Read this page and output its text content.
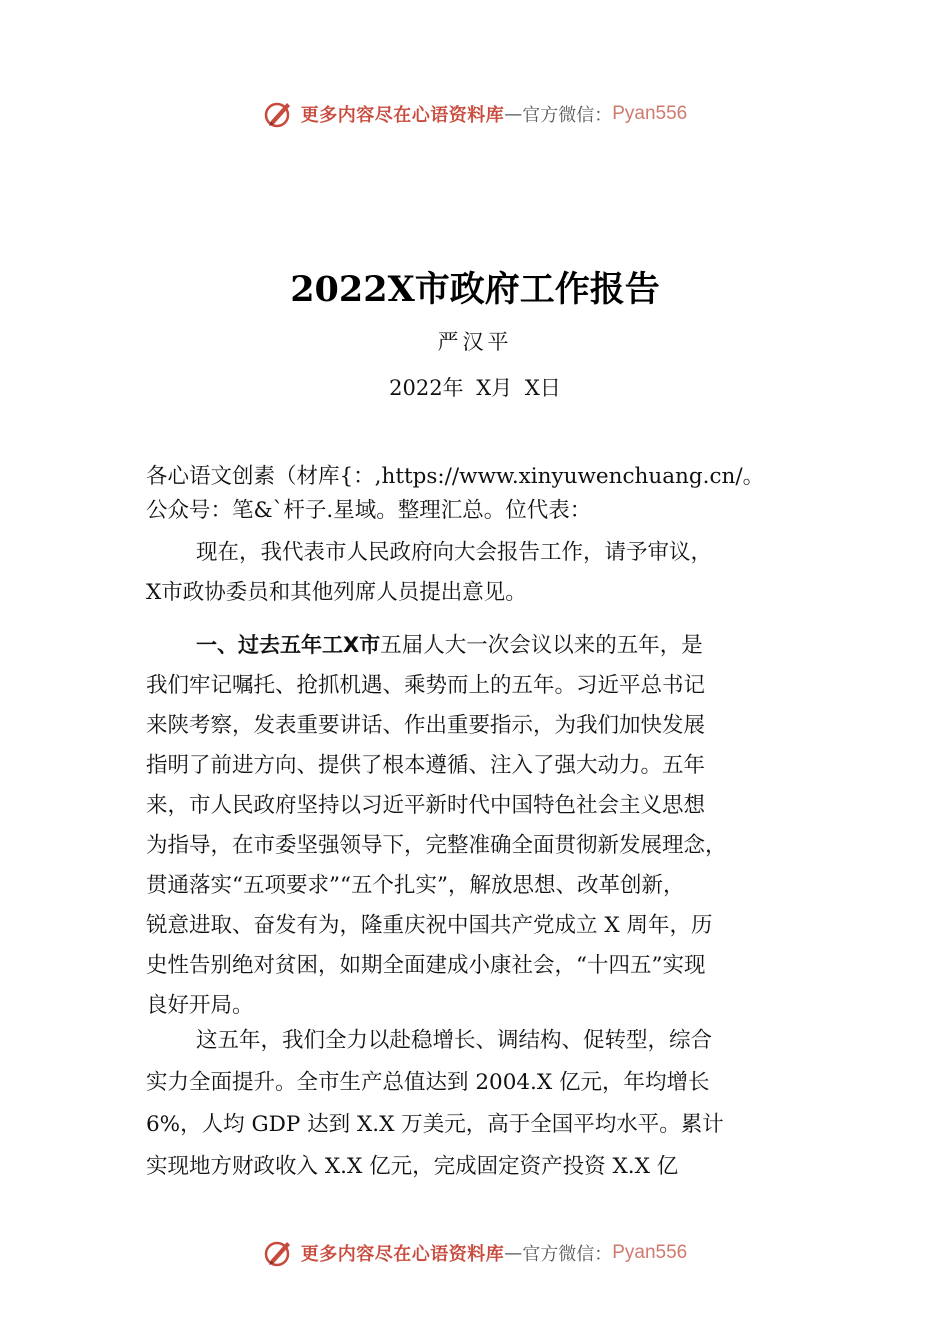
更多内容尽在心语资料库 — 官方微信： Pyan556
2022X市政府工作报告
严汉平
2022年 X月 X日
各心语文创素（材库{：,https://www.xinyuwenchuang.cn/。
公众号：笔&`杆子.星域。整理汇总。位代表：
现在，我代表市人民政府向大会报告工作，请予审议，
X市政协委员和其他列席人员提出意见。
一、过去五年工X市五届人大一次会议以来的五年，是
我们牢记嘱托、抢抓机遇、乘势而上的五年。习近平总书记
来陕考察，发表重要讲话、作出重要指示，为我们加快发展
指明了前进方向、提供了根本遵循、注入了强大动力。五年
来，市人民政府坚持以习近平新时代中国特色社会主义思想
为指导，在市委坚强领导下，完整准确全面贯彻新发展理念，
贯通落实“五项要求”“五个扎实”，解放思想、改革创新，
锐意进取、奋发有为，隆重庆祝中国共产党成立 X 周年，历
史性告别绝对贫困，如期全面建成小康社会，“十四五”实现
良好开局。
这五年，我们全力以赴稳增长、调结构、促转型，综合
实力全面提升。全市生产总值达到 2004.X 亿元，年均增长
6%，人均 GDP 达到 X.X 万美元，高于全国平均水平。累计
实现地方财政收入 X.X 亿元，完成固定资产投资 X.X 亿
更多内容尽在心语资料库 — 官方微信： Pyan556
